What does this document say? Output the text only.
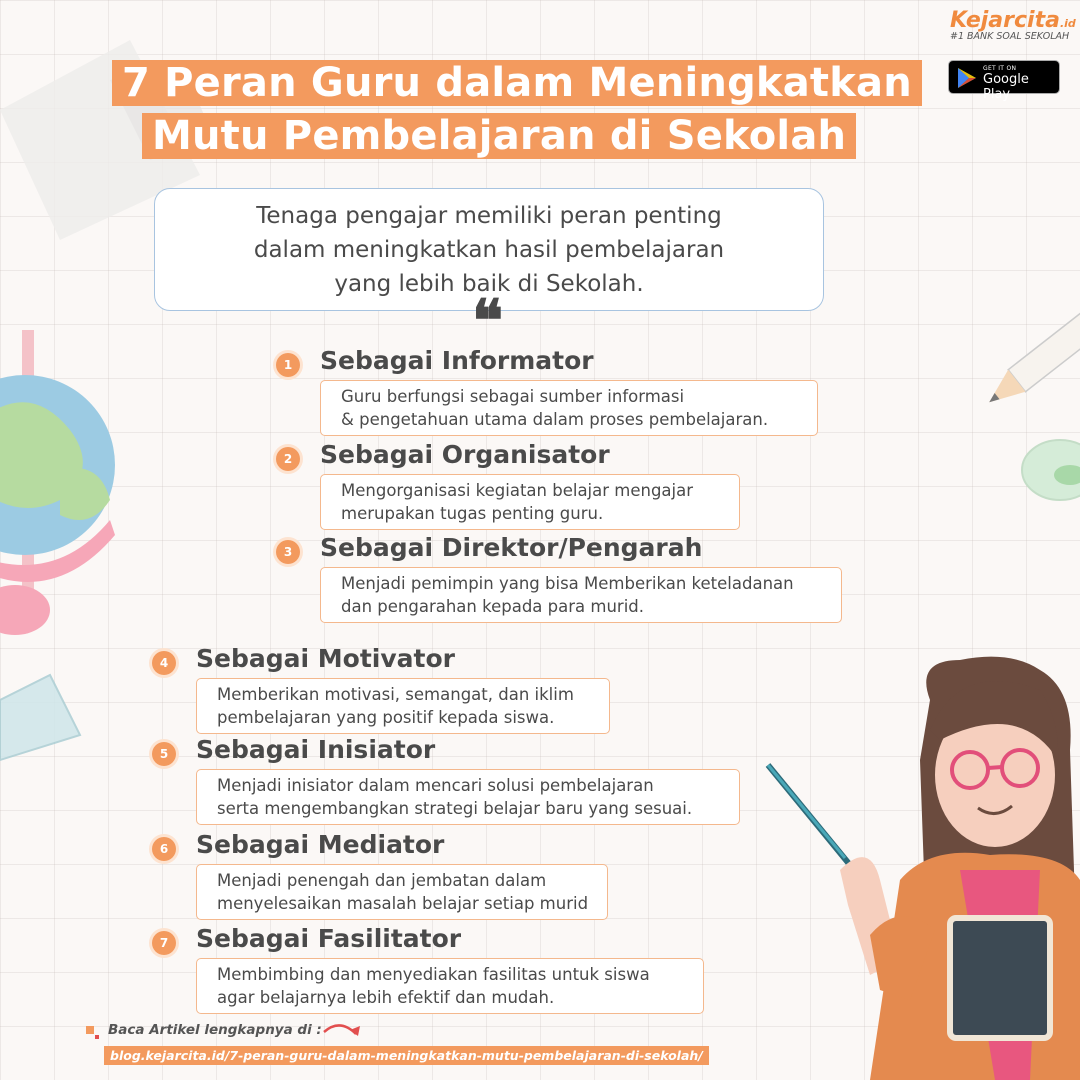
Kejarcita.id
#1 BANK SOAL SEKOLAH
GET IT ON
Google Play
7 Peran Guru dalam Meningkatkan
Mutu Pembelajaran di Sekolah
Tenaga pengajar memiliki peran penting
dalam meningkatkan hasil pembelajaran
yang lebih baik di Sekolah.
❝
1	Sebagai Informator
Guru berfungsi sebagai sumber informasi
& pengetahuan utama dalam proses pembelajaran.
2	Sebagai Organisator
Mengorganisasi kegiatan belajar mengajar
merupakan tugas penting guru.
3	Sebagai Direktor/Pengarah
Menjadi pemimpin yang bisa Memberikan keteladanan
dan pengarahan kepada para murid.
4	Sebagai Motivator
Memberikan motivasi, semangat, dan iklim
pembelajaran yang positif kepada siswa.
5	Sebagai Inisiator
Menjadi inisiator dalam mencari solusi pembelajaran
serta mengembangkan strategi belajar baru yang sesuai.
6	Sebagai Mediator
Menjadi penengah dan jembatan dalam
menyelesaikan masalah belajar setiap murid
7	Sebagai Fasilitator
Membimbing dan menyediakan fasilitas untuk siswa
agar belajarnya lebih efektif dan mudah.
Baca Artikel lengkapnya di :
blog.kejarcita.id/7-peran-guru-dalam-meningkatkan-mutu-pembelajaran-di-sekolah/
